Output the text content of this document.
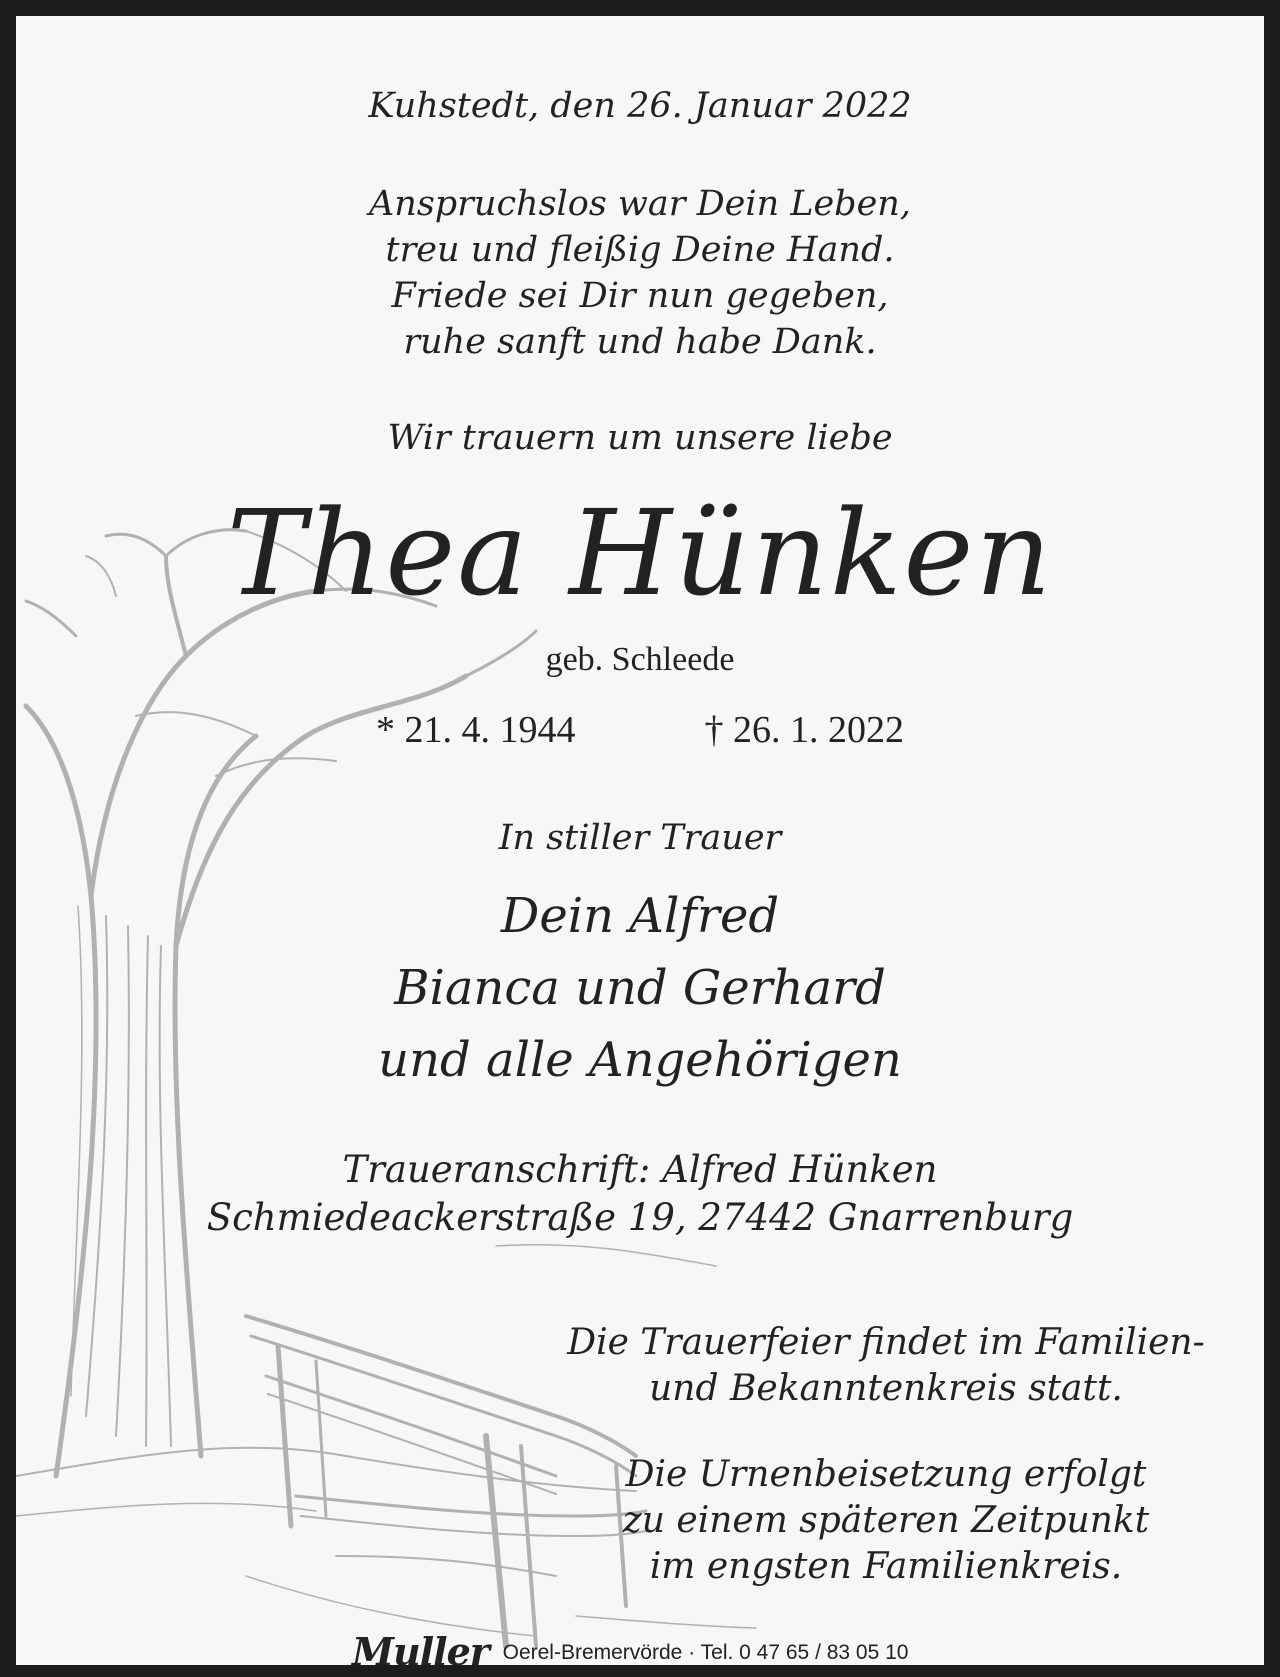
Kuhstedt, den 26. Januar 2022
Anspruchslos war Dein Leben,
treu und fleißig Deine Hand.
Friede sei Dir nun gegeben,
ruhe sanft und habe Dank.
Wir trauern um unsere liebe
Thea Hünken
geb. Schleede
* 21. 4. 1944	† 26. 1. 2022
In stiller Trauer
Dein Alfred
Bianca und Gerhard
und alle Angehörigen
Traueranschrift: Alfred Hünken
Schmiedeackerstraße 19, 27442 Gnarrenburg
Die Trauerfeier findet im Familien-
und Bekanntenkreis statt.
Die Urnenbeisetzung erfolgt
zu einem späteren Zeitpunkt
im engsten Familienkreis.
Muller Oerel-Bremervörde · Tel. 0 47 65 / 83 05 10
